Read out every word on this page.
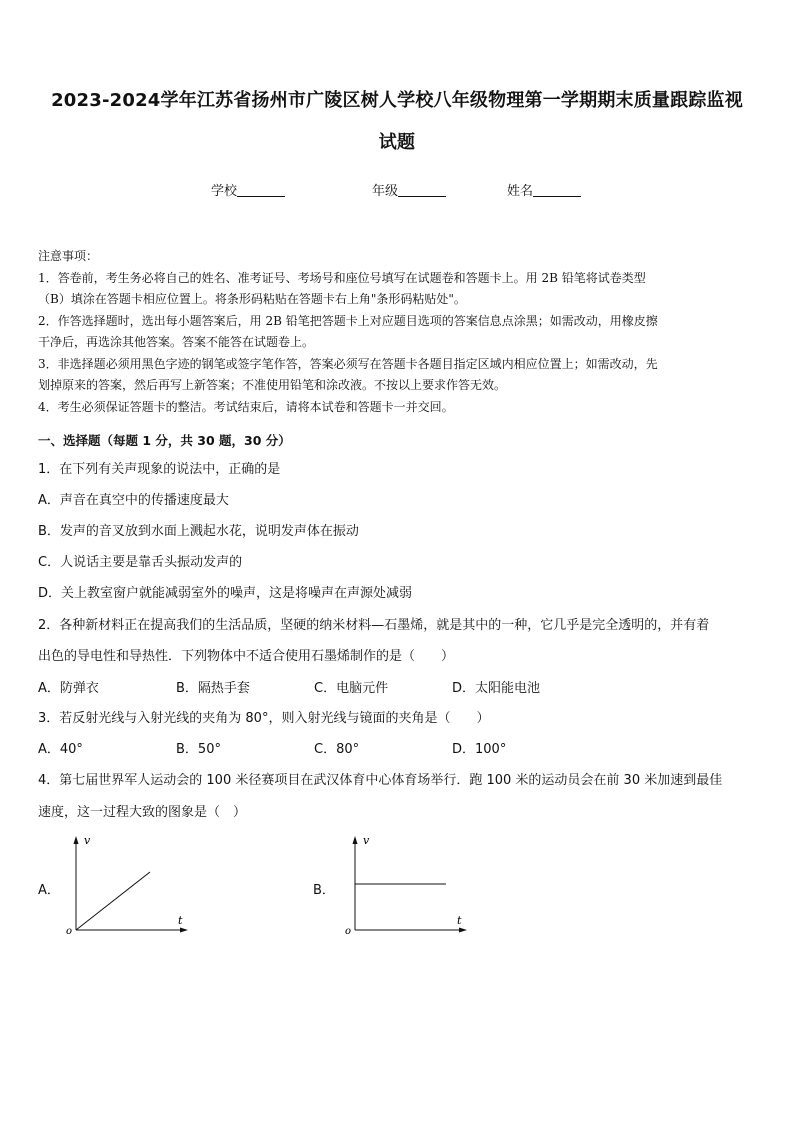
2023-2024学年江苏省扬州市广陵区树人学校八年级物理第一学期期末质量跟踪监视
试题
学校	年级	姓名
注意事项：
1．答卷前，考生务必将自己的姓名、准考证号、考场号和座位号填写在试题卷和答题卡上。用 2B 铅笔将试卷类型
（B）填涂在答题卡相应位置上。将条形码粘贴在答题卡右上角"条形码粘贴处"。
2．作答选择题时，选出每小题答案后，用 2B 铅笔把答题卡上对应题目选项的答案信息点涂黑；如需改动，用橡皮擦
干净后，再选涂其他答案。答案不能答在试题卷上。
3．非选择题必须用黑色字迹的钢笔或签字笔作答，答案必须写在答题卡各题目指定区域内相应位置上；如需改动，先
划掉原来的答案，然后再写上新答案；不准使用铅笔和涂改液。不按以上要求作答无效。
4．考生必须保证答题卡的整洁。考试结束后，请将本试卷和答题卡一并交回。
一、选择题（每题 1 分，共 30 题，30 分）
1．在下列有关声现象的说法中，正确的是
A．声音在真空中的传播速度最大
B．发声的音叉放到水面上溅起水花，说明发声体在振动
C．人说话主要是靠舌头振动发声的
D．关上教室窗户就能减弱室外的噪声，这是将噪声在声源处减弱
2．各种新材料正在提高我们的生活品质，坚硬的纳米材料—石墨烯，就是其中的一种，它几乎是完全透明的，并有着
出色的导电性和导热性．下列物体中不适合使用石墨烯制作的是（　　）
A．防弹衣	B．隔热手套	C．电脑元件	D．太阳能电池
3．若反射光线与入射光线的夹角为 80°，则入射光线与镜面的夹角是（　　）
A．40°	B．50°	C．80°	D．100°
4．第七届世界军人运动会的 100 米径赛项目在武汉体育中心体育场举行．跑 100 米的运动员会在前 30 米加速到最佳
速度，这一过程大致的图象是（　）
A．
v
t
o
B．
v
t
o
